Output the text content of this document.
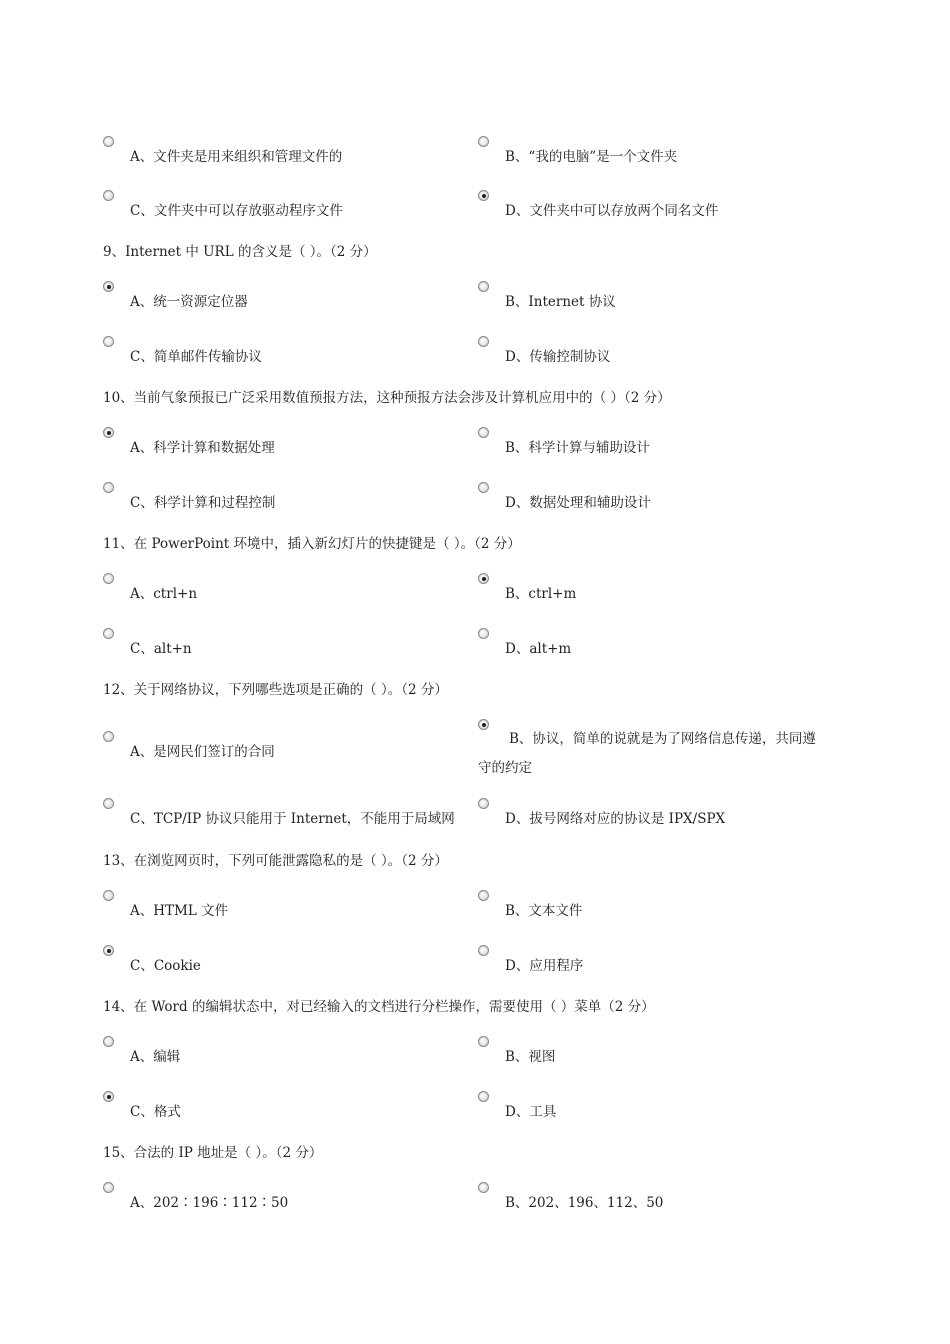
A、文件夹是用来组织和管理文件的	B、“我的电脑”是一个文件夹
C、文件夹中可以存放驱动程序文件	D、文件夹中可以存放两个同名文件
9、Internet 中 URL 的含义是（ ）。（2 分）
A、统一资源定位器	B、Internet 协议
C、简单邮件传输协议	D、传输控制协议
10、当前气象预报已广泛采用数值预报方法，这种预报方法会涉及计算机应用中的（ ）（2 分）
A、科学计算和数据处理	B、科学计算与辅助设计
C、科学计算和过程控制	D、数据处理和辅助设计
11、在 PowerPoint 环境中，插入新幻灯片的快捷键是（ ）。（2 分）
A、ctrl+n	B、ctrl+m
C、alt+n	D、alt+m
12、关于网络协议，下列哪些选项是正确的（ ）。（2 分）
A、是网民们签订的合同
B、协议，简单的说就是为了网络信息传递，共同遵守的约定
C、TCP/IP 协议只能用于 Internet，不能用于局域网	D、拔号网络对应的协议是 IPX/SPX
13、在浏览网页时，下列可能泄露隐私的是（ ）。（2 分）
A、HTML 文件	B、文本文件
C、Cookie	D、应用程序
14、在 Word 的编辑状态中，对已经输入的文档进行分栏操作，需要使用（ ）菜单（2 分）
A、编辑	B、视图
C、格式	D、工具
15、合法的 IP 地址是（ ）。（2 分）
A、202∶196∶112∶50	B、202、196、112、50
